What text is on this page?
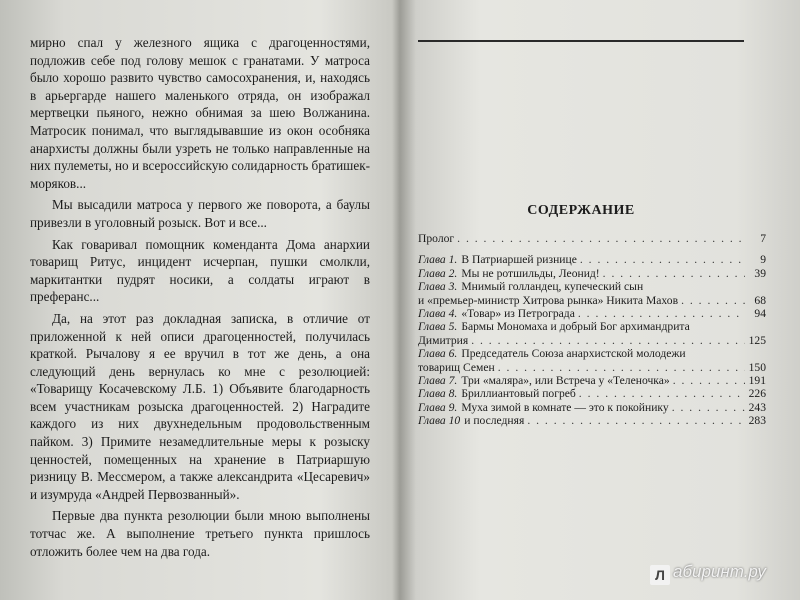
мирно спал у железного ящика с драгоценностями, подложив себе под голову мешок с гранатами. У матроса было хорошо развито чувство самосохранения, и, находясь в арьергарде нашего маленького отряда, он изображал мертвецки пьяного, нежно обнимая за шею Волжанина. Матросик понимал, что выглядывавшие из окон особняка анархисты должны были узреть не только направленные на них пулеметы, но и всероссийскую солидарность братишек-моряков...

Мы высадили матроса у первого же поворота, а баулы привезли в уголовный розыск. Вот и все...

Как говаривал помощник коменданта Дома анархии товарищ Ритус, инцидент исчерпан, пушки смолкли, маркитантки пудрят носики, а солдаты играют в преферанс...

Да, на этот раз докладная записка, в отличие от приложенной к ней описи драгоценностей, получилась краткой. Рычалову я ее вручил в тот же день, а она следующий день вернулась ко мне с резолюцией: «Товарищу Косачевскому Л.Б. 1) Объявите благодарность всем участникам розыска драгоценностей. 2) Наградите каждого из них двухнедельным продовольственным пайком. 3) Примите незамедлительные меры к розыску ценностей, помещенных на хранение в Патриаршую ризницу В. Мессмером, а также александрита «Цесаревич» и изумруда «Андрей Первозванный».

Первые два пункта резолюции были мною выполнены тотчас же. А выполнение третьего пункта пришлось отложить более чем на два года.

СОДЕРЖАНИЕ
Пролог . . .	7
Глава 1. В Патриаршей ризнице . . .	9
Глава 2. Мы не ротшильды, Леонид! . . .	39
Глава 3. Мнимый голландец, купеческий сын
и «премьер-министр Хитрова рынка» Никита Махов . . .	68
Глава 4. «Товар» из Петрограда . . .	94
Глава 5. Бармы Мономаха и добрый Бог архимандрита
Димитрия . . .	125
Глава 6. Председатель Союза анархистской молодежи
товарищ Семен . . .	150
Глава 7. Три «маляра», или Встреча у «Теленочка» . . .	191
Глава 8. Бриллиантовый погреб . . .	226
Глава 9. Муха зимой в комнате — это к покойнику . . .	243
Глава 10 и последняя . . .	283
Л абиринт.ру
